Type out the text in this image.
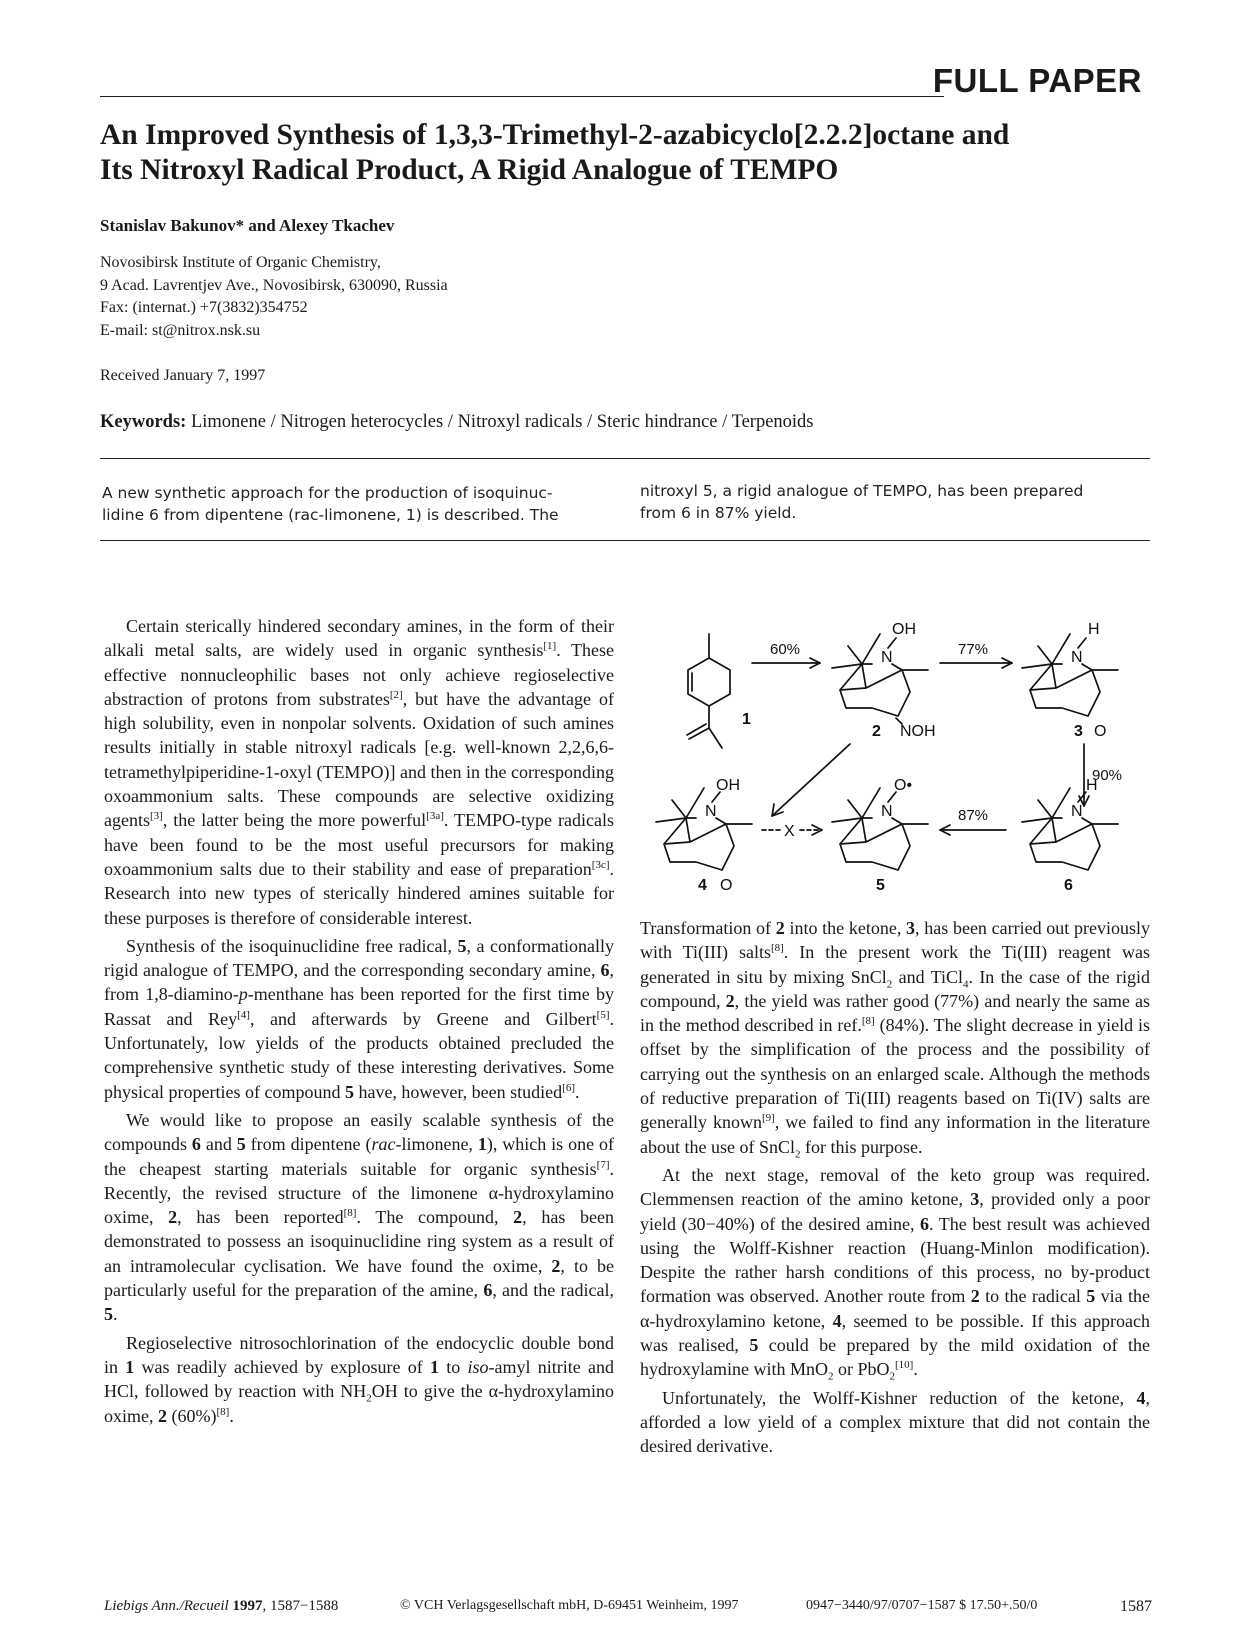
FULL PAPER
An Improved Synthesis of 1,3,3-Trimethyl-2-azabicyclo[2.2.2]octane and
Its Nitroxyl Radical Product, A Rigid Analogue of TEMPO
Stanislav Bakunov* and Alexey Tkachev
Novosibirsk Institute of Organic Chemistry,
9 Acad. Lavrentjev Ave., Novosibirsk, 630090, Russia
Fax: (internat.) +7(3832)354752
E-mail: st@nitrox.nsk.su
Received January 7, 1997
Keywords: Limonene / Nitrogen heterocycles / Nitroxyl radicals / Steric hindrance / Terpenoids
A new synthetic approach for the production of isoquinuc-
lidine 6 from dipentene (rac-limonene, 1) is described. The
nitroxyl 5, a rigid analogue of TEMPO, has been prepared
from 6 in 87% yield.

Certain sterically hindered secondary amines, in the form of their alkali metal salts, are widely used in organic synthesis[1]. These effective nonnucleophilic bases not only achieve regioselective abstraction of protons from substrates[2], but have the advantage of high solubility, even in nonpolar solvents. Oxidation of such amines results initially in stable nitroxyl radicals [e.g. well-known 2,2,6,6-tetramethylpiperidine-1-oxyl (TEMPO)] and then in the corresponding oxoammonium salts. These compounds are selective oxidizing agents[3], the latter being the more powerful[3a]. TEMPO-type radicals have been found to be the most useful precursors for making oxoammonium salts due to their stability and ease of preparation[3c]. Research into new types of sterically hindered amines suitable for these purposes is therefore of considerable interest.

Synthesis of the isoquinuclidine free radical, 5, a conformationally rigid analogue of TEMPO, and the corresponding secondary amine, 6, from 1,8-diamino-p-menthane has been reported for the first time by Rassat and Rey[4], and afterwards by Greene and Gilbert[5]. Unfortunately, low yields of the products obtained precluded the comprehensive synthetic study of these interesting derivatives. Some physical properties of compound 5 have, however, been studied[6].

We would like to propose an easily scalable synthesis of the compounds 6 and 5 from dipentene (rac-limonene, 1), which is one of the cheapest starting materials suitable for organic synthesis[7]. Recently, the revised structure of the limonene α-hydroxylamino oxime, 2, has been reported[8]. The compound, 2, has been demonstrated to possess an isoquinuclidine ring system as a result of an intramolecular cyclisation. We have found the oxime, 2, to be particularly useful for the preparation of the amine, 6, and the radical, 5.

Regioselective nitrosochlorination of the endocyclic double bond in 1 was readily achieved by explosure of 1 to iso-amyl nitrite and HCl, followed by reaction with $NH_2OH$ to give the α-hydroxylamino oxime, 2 (60%)[8].

1
60%	N
OH
NOH
2
77%	N
H
O
3
90%
N
OH
O
4
X
N
O•
5
87%	N
H
6

Transformation of 2 into the ketone, 3, has been carried out previously with Ti(III) salts[8]. In the present work the Ti(III) reagent was generated in situ by mixing SnCl$_2$ and TiCl$_4$. In the case of the rigid compound, 2, the yield was rather good (77%) and nearly the same as in the method described in ref.[8] (84%). The slight decrease in yield is offset by the simplification of the process and the possibility of carrying out the synthesis on an enlarged scale. Although the methods of reductive preparation of Ti(III) reagents based on Ti(IV) salts are generally known[9], we failed to find any information in the literature about the use of SnCl$_2$ for this purpose.

At the next stage, removal of the keto group was required. Clemmensen reaction of the amino ketone, 3, provided only a poor yield (30−40%) of the desired amine, 6. The best result was achieved using the Wolff-Kishner reaction (Huang-Minlon modification). Despite the rather harsh conditions of this process, no by-product formation was observed. Another route from 2 to the radical 5 via the α-hydroxylamino ketone, 4, seemed to be possible. If this approach was realised, 5 could be prepared by the mild oxidation of the hydroxylamine with MnO$_2$ or PbO$_2$[10].

Unfortunately, the Wolff-Kishner reduction of the ketone, 4, afforded a low yield of a complex mixture that did not contain the desired derivative.

Liebigs Ann./Recueil 1997, 1587−1588	© VCH Verlagsgesellschaft mbH, D-69451 Weinheim, 1997	0947−3440/97/0707−1587 $ 17.50+.50/0	1587
